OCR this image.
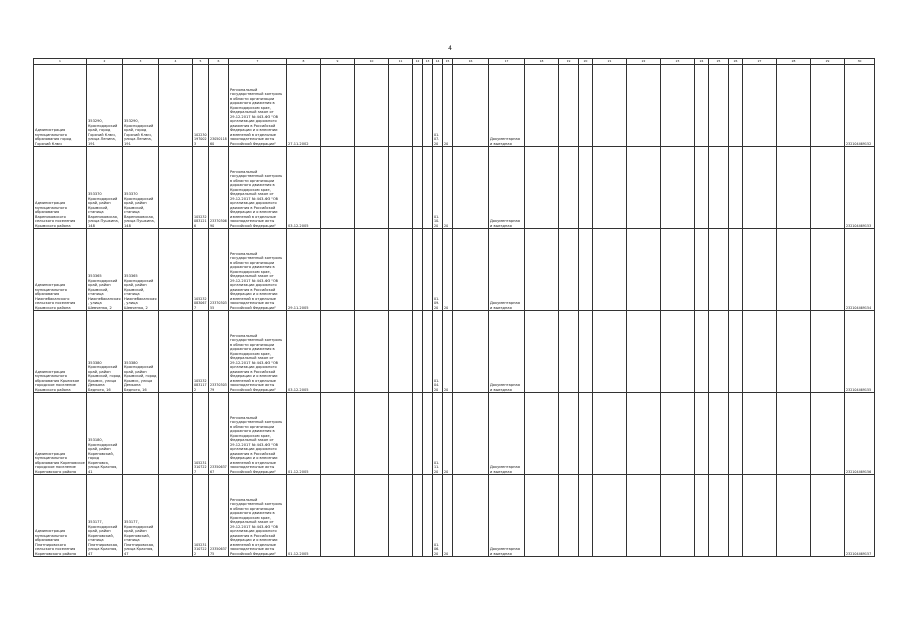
4
1	2	3	4	5	6	7	8	9	10	11	12	13	14	15	16	17	18	19	20	21	22	23	24	25	26	27	28	29	30
Администрация муниципального образования город Горячий Ключ	353290, Краснодарский край, город Горячий Ключ, улица Ленина, 191	353290, Краснодарский край, город Горячий Ключ, улица Ленина, 191		1022301970023	2305011860	Региональный государственный контроль в области организации дорожного движения в Краснодарском крае, Федеральный закон от 29.12.2017 № 443-ФЗ "Об организации дорожного движения в Российской Федерации и о внесении изменений в отдельные законодательные акты Российской Федерации"	27.11.2002						01.07.20	20		Документарная и выездная													232104469152
Администрация муниципального образования Варениковского сельского поселения Крымского района	353370 Краснодарский край, район Крымский, станица Варениковская, улица Пушкина, 148	353370 Краснодарский край, район Крымский, станица Варениковская, улица Пушкина, 148		1052320831216	2337030690	Региональный государственный контроль в области организации дорожного движения в Краснодарском крае, Федеральный закон от 29.12.2017 № 443-ФЗ "Об организации дорожного движения в Российской Федерации и о внесении изменений в отдельные законодательные акты Российской Федерации"	03.12.2005						01.10.20	20		Документарная и выездная													232104469153
Администрация муниципального образования Нижнебаканского сельского поселения Крымского района	353365 Краснодарский край, район Крымский, станица Нижнебаканская, улица Шевченко, 2	353365 Краснодарский край, район Крымский, станица Нижнебаканская, улица Шевченко, 2		1052320830677	2337030355	Региональный государственный контроль в области организации дорожного движения в Краснодарском крае, Федеральный закон от 29.12.2017 № 443-ФЗ "Об организации дорожного движения в Российской Федерации и о внесении изменений в отдельные законодательные акты Российской Федерации"	29.11.2005						01.09.20	20		Документарная и выездная													232104469154
Администрация муниципального образования Крымское городское поселение Крымского района	353380 Краснодарский край, район Крымский, город Крымск, улица Демьяна Бедного, 16	353380 Краснодарский край, район Крымский, город Крымск, улица Демьяна Бедного, 16		1052320831172	2337030379	Региональный государственный контроль в области организации дорожного движения в Краснодарском крае, Федеральный закон от 29.12.2017 № 443-ФЗ "Об организации дорожного движения в Российской Федерации и о внесении изменений в отдельные законодательные акты Российской Федерации"	03.12.2005						01.04.20	20		Документарная и выездная													232104469155
Администрация муниципального образования Кореновское городское поселение Кореновского района	353180, Краснодарский край, район Кореновский, город Кореновск, улица Красная, 41			1052313107227	2335063767	Региональный государственный контроль в области организации дорожного движения в Краснодарском крае, Федеральный закон от 29.12.2017 № 443-ФЗ "Об организации дорожного движения в Российской Федерации и о внесении изменений в отдельные законодательные акты Российской Федерации"	01.12.2005						01.11.20	20		Документарная и выездная													232104469156
Администрация муниципального образования Платнировского сельского поселения Кореновского района	353177, Краснодарский край, район Кореновский, станица Платнировская, улица Красная, 47	353177, Краснодарский край, район Кореновский, станица Платнировская, улица Красная, 47		1052313107222	2335063775	Региональный государственный контроль в области организации дорожного движения в Краснодарском крае, Федеральный закон от 29.12.2017 № 443-ФЗ "Об организации дорожного движения в Российской Федерации и о внесении изменений в отдельные законодательные акты Российской Федерации"	01.12.2005						01.06.20	20		Документарная и выездная													232104469157
